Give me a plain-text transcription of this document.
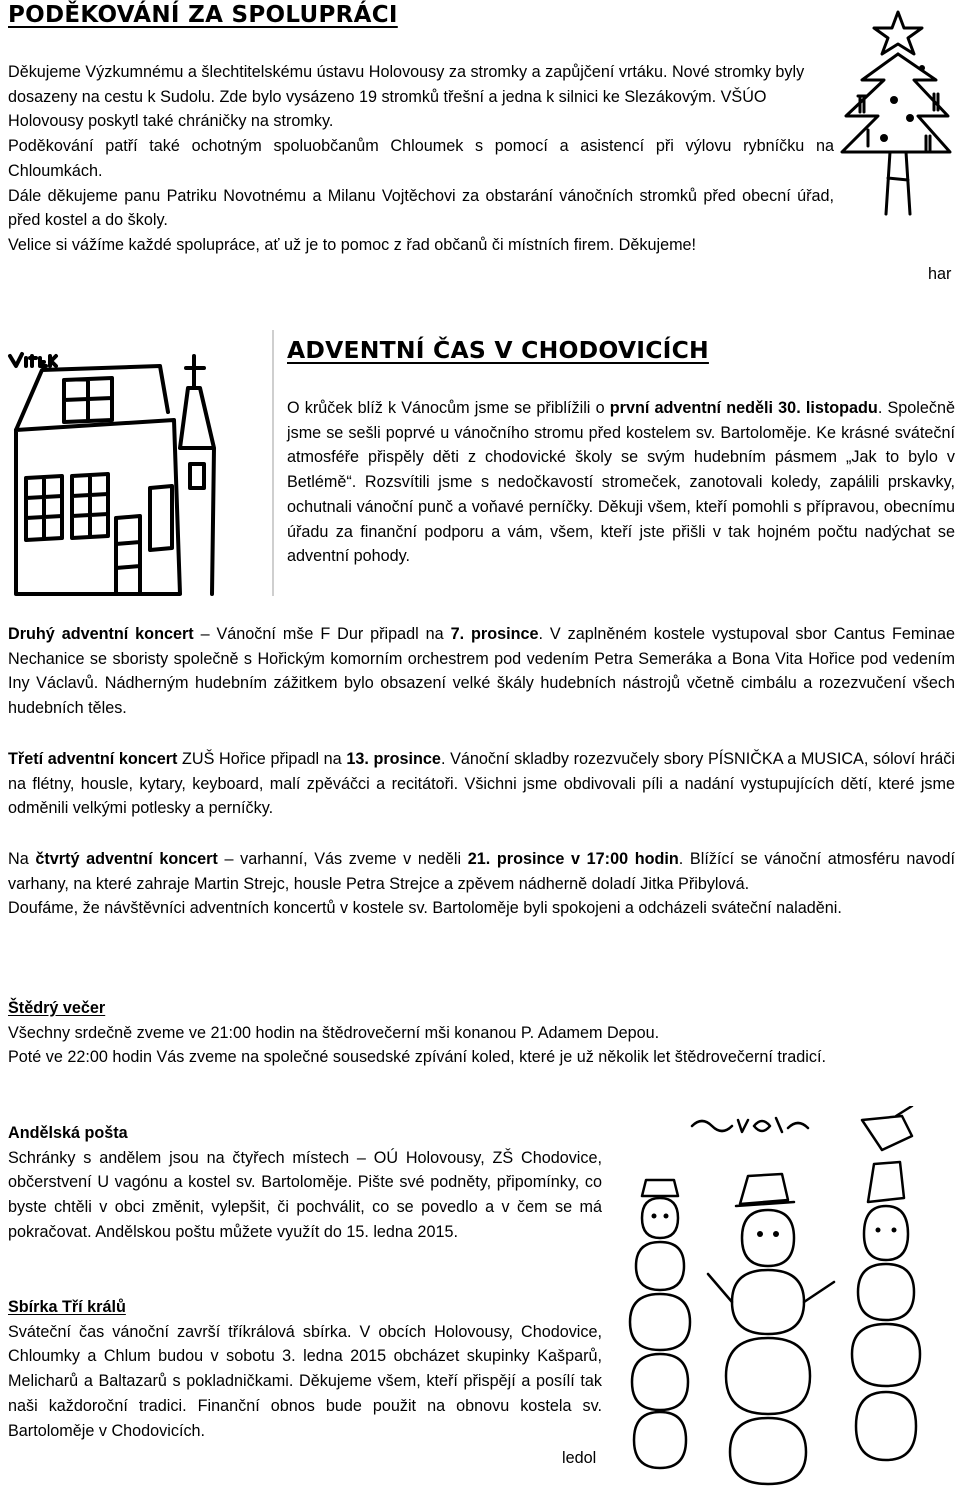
PODĚKOVÁNÍ ZA SPOLUPRÁCI

Děkujeme Výzkumnému a šlechtitelskému ústavu Holovousy za stromky a zapůjčení vrtáku. Nové stromky byly dosazeny na cestu k Sudolu. Zde bylo vysázeno 19 stromků třešní a jedna k silnici ke Slezákovým. VŠÚO Holovousy poskytl také chráničky na stromky.

Poděkování patří také ochotným spoluobčanům Chloumek s pomocí a asistencí při výlovu rybníčku na Chloumkách.

Dále děkujeme panu Patriku Novotnému a Milanu Vojtěchovi za obstarání vánočních stromků před obecní úřad, před kostel a do školy.

Velice si vážíme každé spolupráce, ať už je to pomoc z řad občanů či místních firem. Děkujeme!

har
ADVENTNÍ ČAS V CHODOVICÍCH
O krůček blíž k Vánocům jsme se přiblížili o první adventní neděli 30. listopadu. Společně jsme se sešli poprvé u vánočního stromu před kostelem sv. Bartoloměje. Ke krásné sváteční atmosféře přispěly děti z chodovické školy se svým hudebním pásmem „Jak to bylo v Betlémě“. Rozsvítili jsme s nedočkavostí stromeček, zanotovali koledy, zapálili prskavky, ochutnali vánoční punč a voňavé perníčky. Děkuji všem, kteří pomohli s přípravou, obecnímu úřadu za finanční podporu a vám, všem, kteří jste přišli v tak hojném počtu nadýchat se adventní pohody.
Druhý adventní koncert – Vánoční mše F Dur připadl na 7. prosince. V zaplněném kostele vystupoval sbor Cantus Feminae Nechanice se sboristy společně s Hořickým komorním orchestrem pod vedením Petra Semeráka a Bona Vita Hořice pod vedením Iny Václavů. Nádherným hudebním zážitkem bylo obsazení velké škály hudebních nástrojů včetně cimbálu a rozezvučení všech hudebních těles.
Třetí adventní koncert ZUŠ Hořice připadl na 13. prosince. Vánoční skladby rozezvučely sbory PÍSNIČKA a MUSICA, sóloví hráči na flétny, housle, kytary, keyboard, malí zpěváčci a recitátoři. Všichni jsme obdivovali píli a nadání vystupujících dětí, které jsme odměnili velkými potlesky a perníčky.
Na čtvrtý adventní koncert – varhanní, Vás zveme v neděli 21. prosince v 17:00 hodin. Blížící se vánoční atmosféru navodí varhany, na které zahraje Martin Strejc, housle Petra Strejce a zpěvem nádherně doladí Jitka Přibylová.

Doufáme, že návštěvníci adventních koncertů v kostele sv. Bartoloměje byli spokojeni a odcházeli sváteční naladěni.

Štědrý večer

Všechny srdečně zveme ve 21:00 hodin na štědrovečerní mši konanou P. Adamem Depou.

Poté ve 22:00 hodin Vás zveme na společné sousedské zpívání koled, které je už několik let štědrovečerní tradicí.

Andělská pošta

Schránky s andělem jsou na čtyřech místech – OÚ Holovousy, ZŠ Chodovice, občerstvení U vagónu a kostel sv. Bartoloměje. Pište své podněty, připomínky, co byste chtěli v obci změnit, vylepšit, či pochválit, co se povedlo a v čem se má pokračovat. Andělskou poštu můžete využít do 15. ledna 2015.

Sbírka Tří králů

Sváteční čas vánoční završí tříkrálová sbírka. V obcích Holovousy, Chodovice, Chloumky a Chlum budou v sobotu 3. ledna 2015 obcházet skupinky Kašparů, Melicharů a Baltazarů s pokladničkami. Děkujeme všem, kteří přispějí a posílí tak naši každoroční tradici. Finanční obnos bude použit na obnovu kostela sv. Bartoloměje v Chodovicích.

ledol
